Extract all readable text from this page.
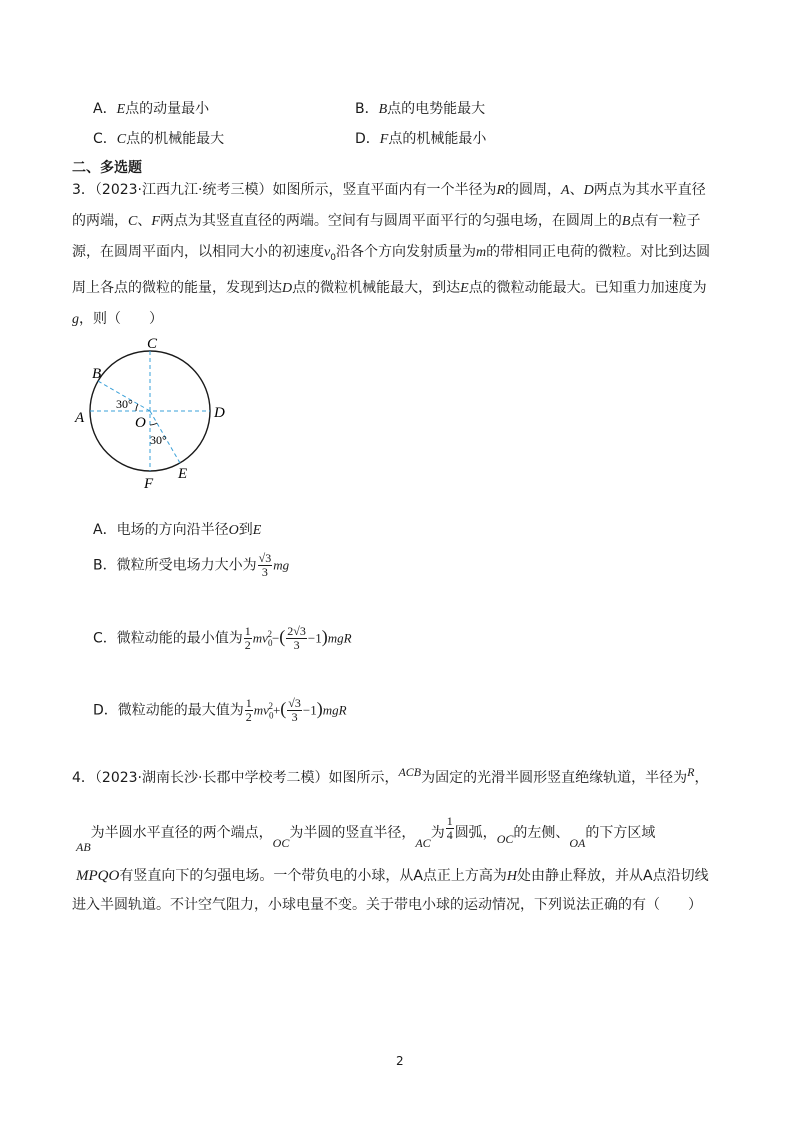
A．E点的动量最小	B．B点的电势能最大
C．C点的机械能最大	D．F点的机械能最小
二、多选题
3．（2023·江西九江·统考三模）如图所示，竖直平面内有一个半径为R的圆周，A、D两点为其水平直径
的两端，C、F两点为其竖直直径的两端。空间有与圆周平面平行的匀强电场，在圆周上的B点有一粒子
源，在圆周平面内，以相同大小的初速度$v_0$沿各个方向发射质量为m的带相同正电荷的微粒。对比到达圆
周上各点的微粒的能量，发现到达D点的微粒机械能最大，到达E点的微粒动能最大。已知重力加速度为
g，则（　　）
C
B
A	D
O
E
F
30°
30°
A．电场的方向沿半径O到E
B．微粒所受电场力大小为 $\frac{√3}{3}$ mg
C．微粒动能的最小值为 $\frac{1}{2} mv_0^2-( \frac{2√3}{3} -1)mgR$
D．微粒动能的最大值为 $\frac{1}{2} mv_0^2+( \frac{√3}{3} -1)mgR$
4．（2023·湖南长沙·长郡中学校考二模）如图所示，ACB为固定的光滑半圆形竖直绝缘轨道，半径为R，
AB为半圆水平直径的两个端点，OC为半圆的竖直半径，AC为 $\frac{1}{4}$ 圆弧，OC的左侧、OA的下方区域
MPQO有竖直向下的匀强电场。一个带负电的小球，从A点正上方高为H处由静止释放，并从A点沿切线
进入半圆轨道。不计空气阻力，小球电量不变。关于带电小球的运动情况，下列说法正确的有（　　）
2
